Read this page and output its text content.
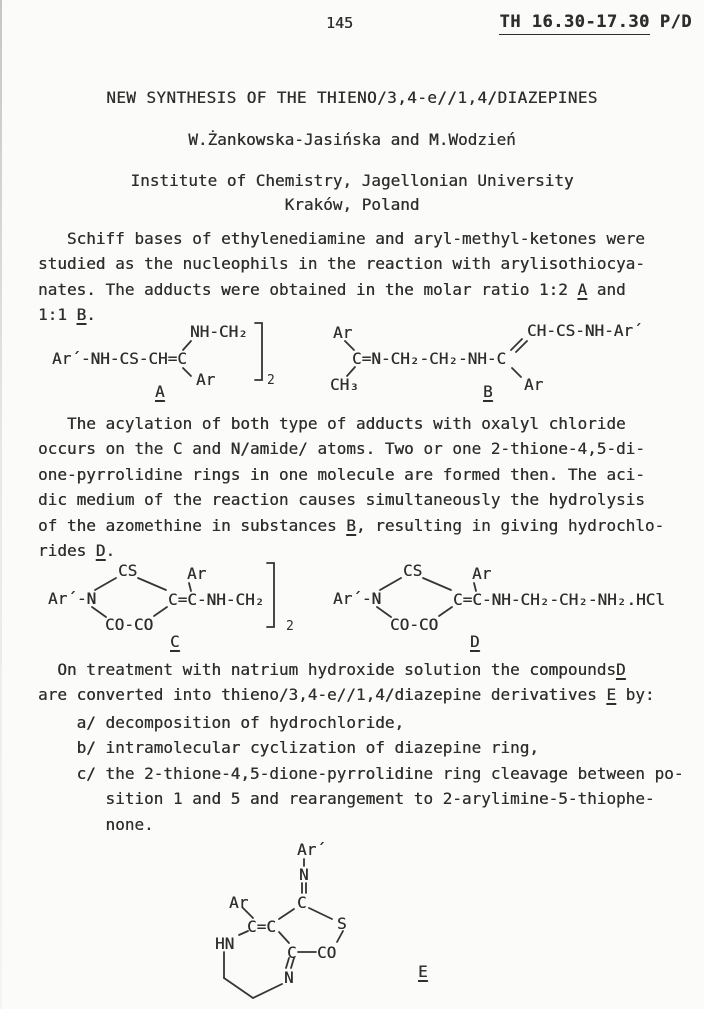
145	TH 16.30-17.30 P/D
NEW SYNTHESIS OF THE THIENO/3,4-e//1,4/DIAZEPINES
W.Żankowska-Jasińska and M.Wodzień
Institute of Chemistry, Jagellonian University
Kraków, Poland
Schiff bases of ethylenediamine and aryl-methyl-ketones were
studied as the nucleophils in the reaction with arylisothiocya-
nates. The adducts were obtained in the molar ratio 1:2 A and
1:1 B.
NH-CH₂
Ar´-NH-CS-CH=C
Ar	2
A
Ar	CH-CS-NH-Ar´
C=N-CH₂-CH₂-NH-C
CH₃	Ar
B
The acylation of both type of adducts with oxalyl chloride
occurs on the C and N/amide/ atoms. Two or one 2-thione-4,5-di-
one-pyrrolidine rings in one molecule are formed then. The aci-
dic medium of the reaction causes simultaneously the hydrolysis
of the azomethine in substances B, resulting in giving hydrochlo-
rides D.
CS	Ar
Ar´-N	C=C-NH-CH₂
CO-CO	2
C
CS	Ar
Ar´-N	C=C-NH-CH₂-CH₂-NH₂.HCl
CO-CO
D
On treatment with natrium hydroxide solution the compoundsD
are converted into thieno/3,4-e//1,4/diazepine derivatives E by:
a/ decomposition of hydrochloride,
b/ intramolecular cyclization of diazepine ring,
c/ the 2-thione-4,5-dione-pyrrolidine ring cleavage between po-
sition 1 and 5 and rearangement to 2-arylimine-5-thiophe-
none.
Ar´
N
C
Ar
C=C	S
HN	C CO
N	E
